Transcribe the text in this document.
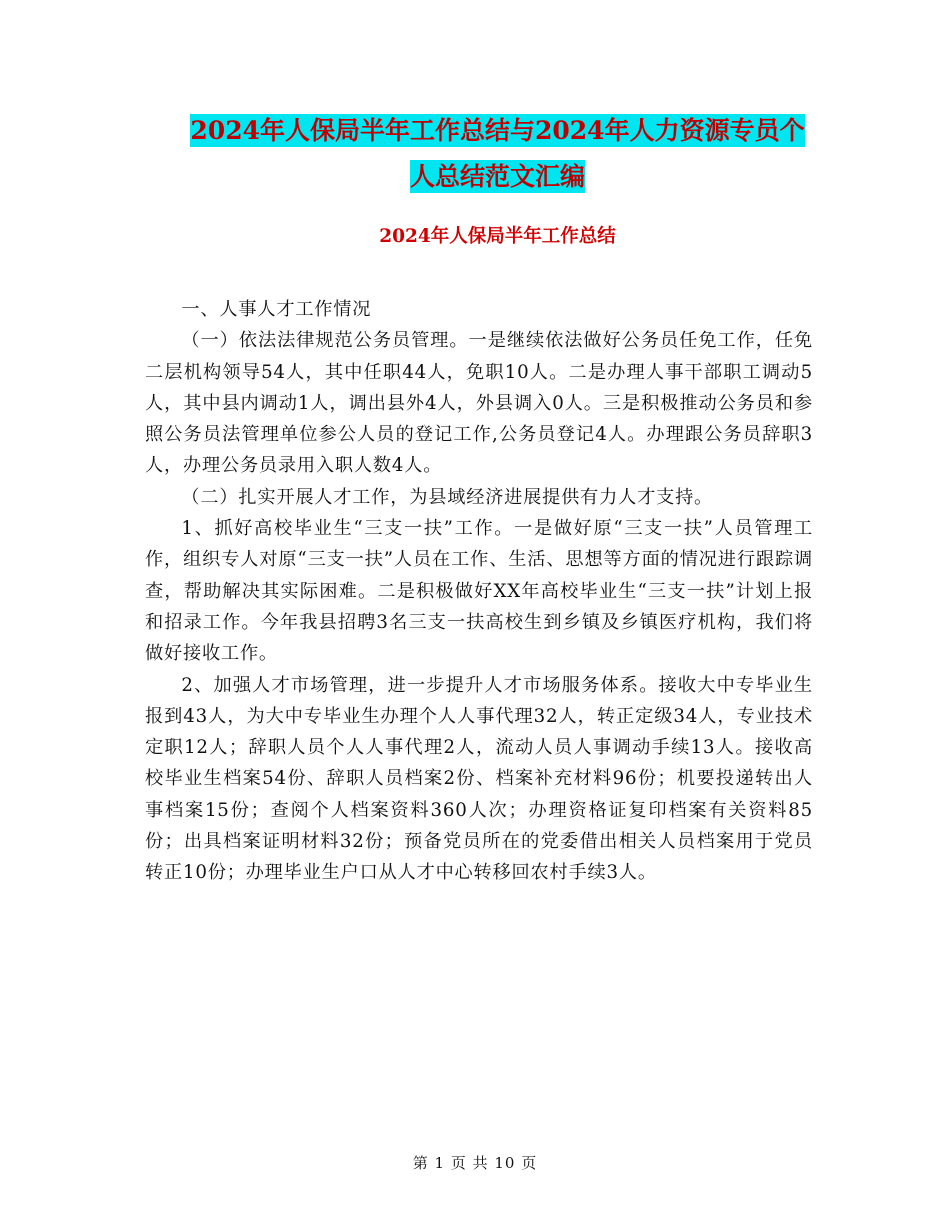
2024年人保局半年工作总结与2024年人力资源专员个
人总结范文汇编
2024年人保局半年工作总结

一、人事人才工作情况

（一）依法法律规范公务员管理。一是继续依法做好公务员任免工作，任免二层机构领导54人，其中任职44人，免职10人。二是办理人事干部职工调动5人，其中县内调动1人，调出县外4人，外县调入0人。三是积极推动公务员和参照公务员法管理单位参公人员的登记工作,公务员登记4人。办理跟公务员辞职3人，办理公务员录用入职人数4人。

（二）扎实开展人才工作，为县域经济进展提供有力人才支持。

1、抓好高校毕业生“三支一扶”工作。一是做好原“三支一扶”人员管理工作，组织专人对原“三支一扶”人员在工作、生活、思想等方面的情况进行跟踪调查，帮助解决其实际困难。二是积极做好XX年高校毕业生“三支一扶”计划上报和招录工作。今年我县招聘3名三支一扶高校生到乡镇及乡镇医疗机构，我们将做好接收工作。

2、加强人才市场管理，进一步提升人才市场服务体系。接收大中专毕业生报到43人，为大中专毕业生办理个人人事代理32人，转正定级34人，专业技术定职12人；辞职人员个人人事代理2人，流动人员人事调动手续13人。接收高校毕业生档案54份、辞职人员档案2份、档案补充材料96份；机要投递转出人事档案15份；查阅个人档案资料360人次；办理资格证复印档案有关资料85份；出具档案证明材料32份；预备党员所在的党委借出相关人员档案用于党员转正10份；办理毕业生户口从人才中心转移回农村手续3人。

第 1 页 共 10 页
